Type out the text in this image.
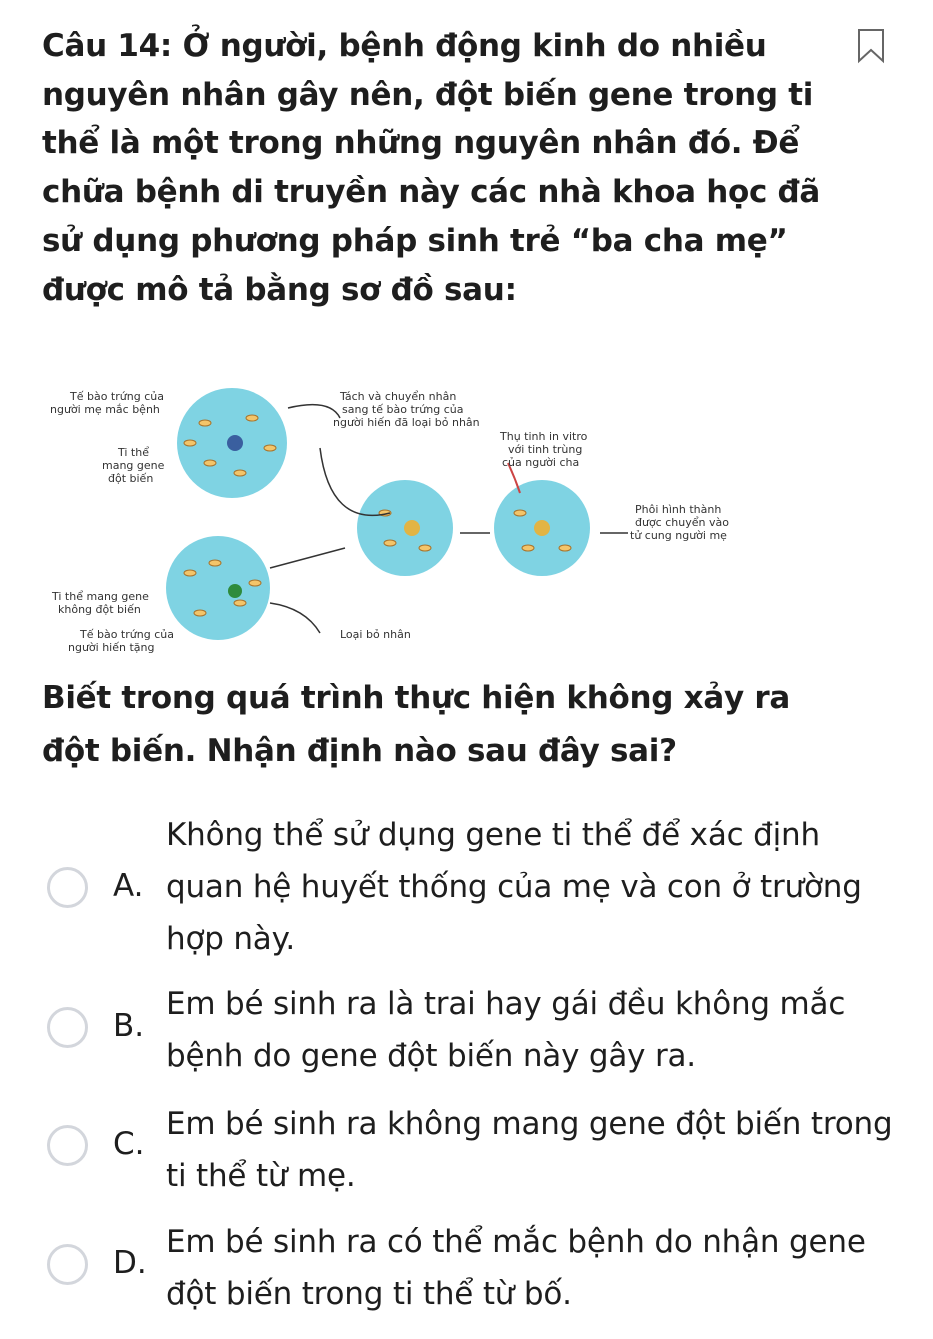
Câu 14: Ở người, bệnh động kinh do nhiều nguyên nhân gây nên, đột biến gene trong ti thể là một trong những nguyên nhân đó. Để chữa bệnh di truyền này các nhà khoa học đã sử dụng phương pháp sinh trẻ “ba cha mẹ” được mô tả bằng sơ đồ sau:
Tế bào trứng của
người mẹ mắc bệnh
Ti thể
mang gene
đột biến
Tách và chuyển nhân
sang tế bào trứng của
người hiến đã loại bỏ nhân
Thụ tinh in vitro
với tinh trùng
của người cha
Phôi hình thành
được chuyển vào
tử cung người mẹ
Ti thể mang gene
không đột biến
Tế bào trứng của
người hiến tặng
Loại bỏ nhân
Biết trong quá trình thực hiện không xảy ra đột biến. Nhận định nào sau đây sai?
A.
Không thể sử dụng gene ti thể để xác định quan hệ huyết thống của mẹ và con ở trường hợp này.
B.
Em bé sinh ra là trai hay gái đều không mắc bệnh do gene đột biến này gây ra.
C.
Em bé sinh ra không mang gene đột biến trong ti thể từ mẹ.
D.
Em bé sinh ra có thể mắc bệnh do nhận gene đột biến trong ti thể từ bố.
